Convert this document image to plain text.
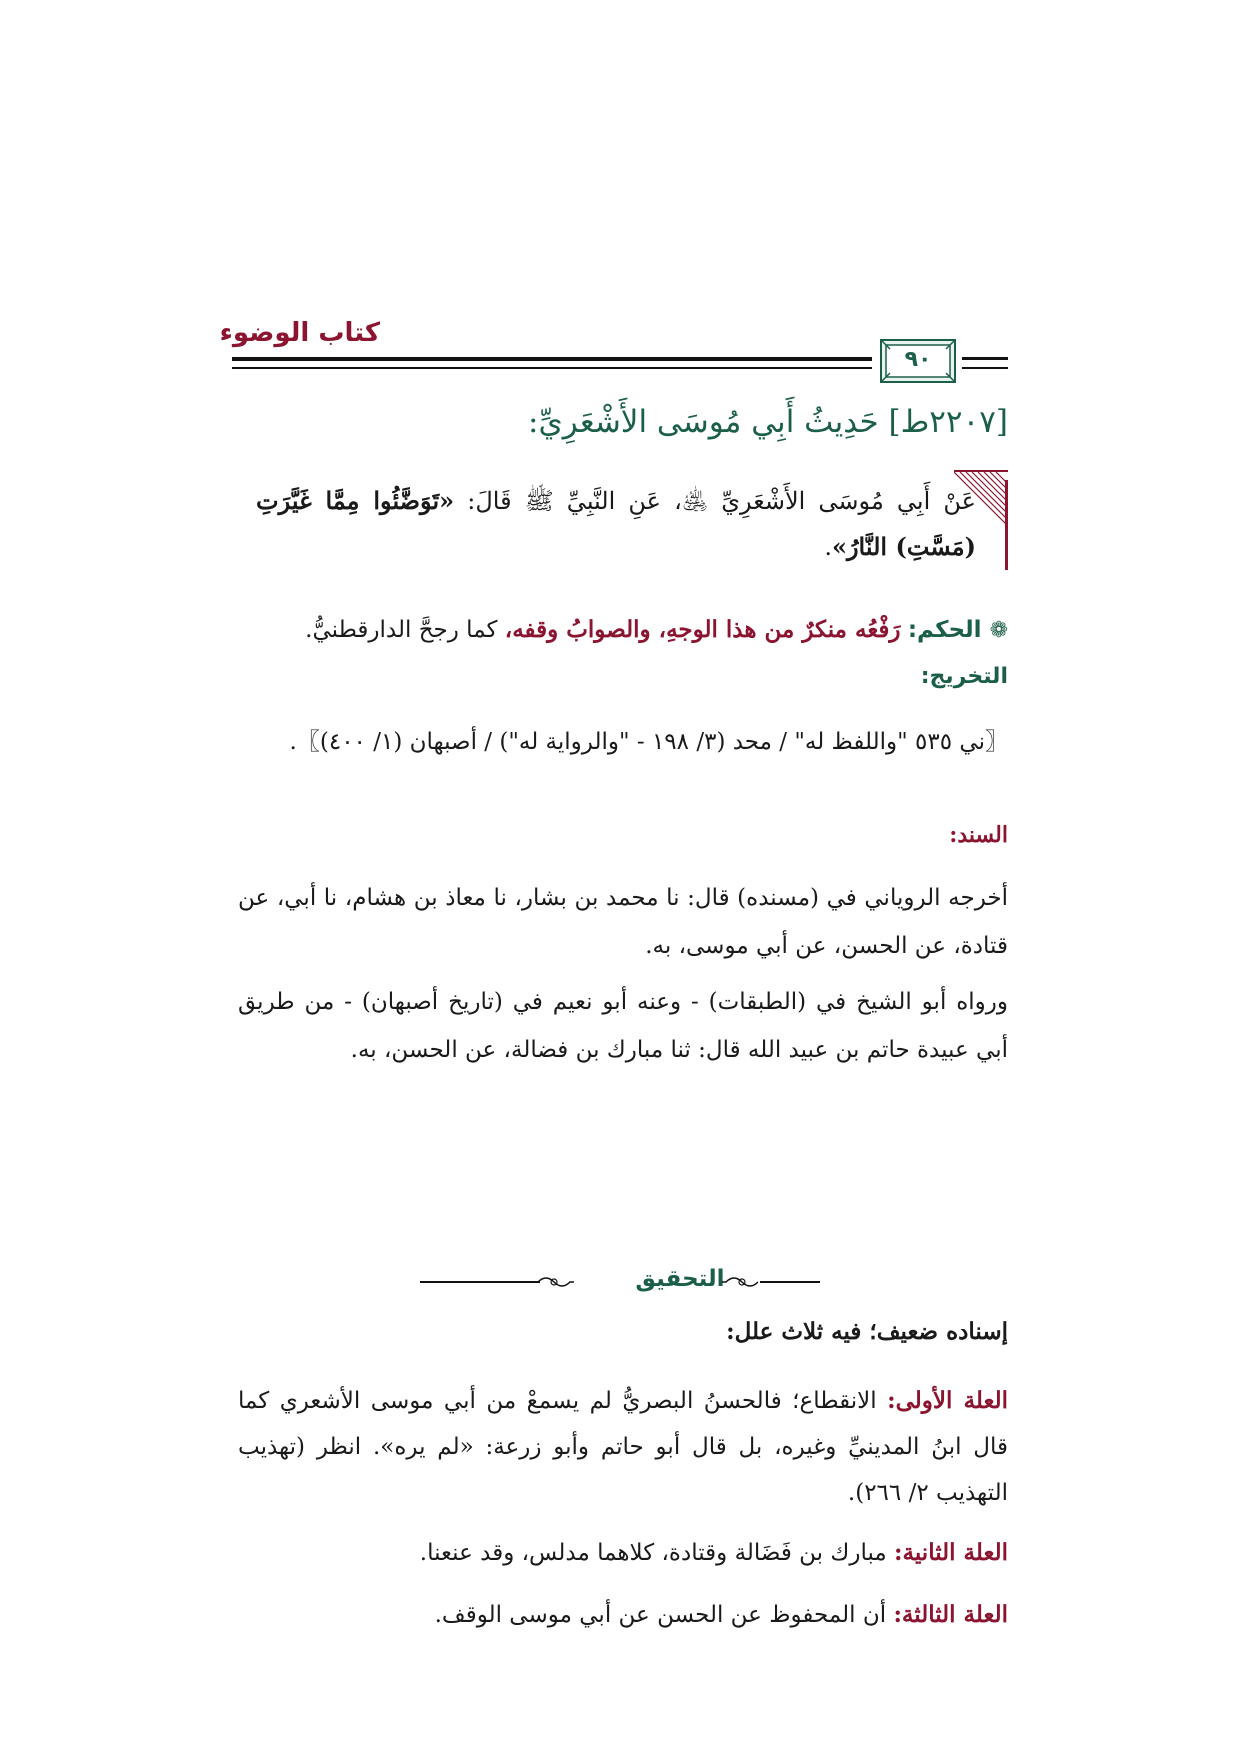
كتاب الوضوء
٩٠
[٢٢٠٧ط] حَدِيثُ أَبِي مُوسَى الأَشْعَرِيِّ:
عَنْ أَبِي مُوسَى الأَشْعَرِيِّ ﵁، عَنِ النَّبِيِّ ﷺ قَالَ: «تَوَضَّئُوا مِمَّا غَيَّرَتِ (مَسَّتِ) النَّارُ».
❁الحكم: رَفْعُه منكرٌ من هذا الوجهِ، والصوابُ وقفه، كما رجحَّ الدارقطنيُّ.
التخريج:
〖ني ٥٣٥ "واللفظ له" / محد (٣/ ١٩٨ - "والرواية له") / أصبهان (١/ ٤٠٠)〗.
السند:
أخرجه الروياني في (مسنده) قال: نا محمد بن بشار، نا معاذ بن هشام، نا أبي، عن قتادة، عن الحسن، عن أبي موسى، به.
ورواه أبو الشيخ في (الطبقات) - وعنه أبو نعيم في (تاريخ أصبهان) - من طريق أبي عبيدة حاتم بن عبيد الله قال: ثنا مبارك بن فضالة، عن الحسن، به.
التحقيق
إسناده ضعيف؛ فيه ثلاث علل:
العلة الأولى: الانقطاع؛ فالحسنُ البصريُّ لم يسمعْ من أبي موسى الأشعري كما قال ابنُ المدينيِّ وغيره، بل قال أبو حاتم وأبو زرعة: «لم يره». انظر (تهذيب التهذيب ٢/ ٢٦٦).
العلة الثانية: مبارك بن فَضَالة وقتادة، كلاهما مدلس، وقد عنعنا.
العلة الثالثة: أن المحفوظ عن الحسن عن أبي موسى الوقف.
